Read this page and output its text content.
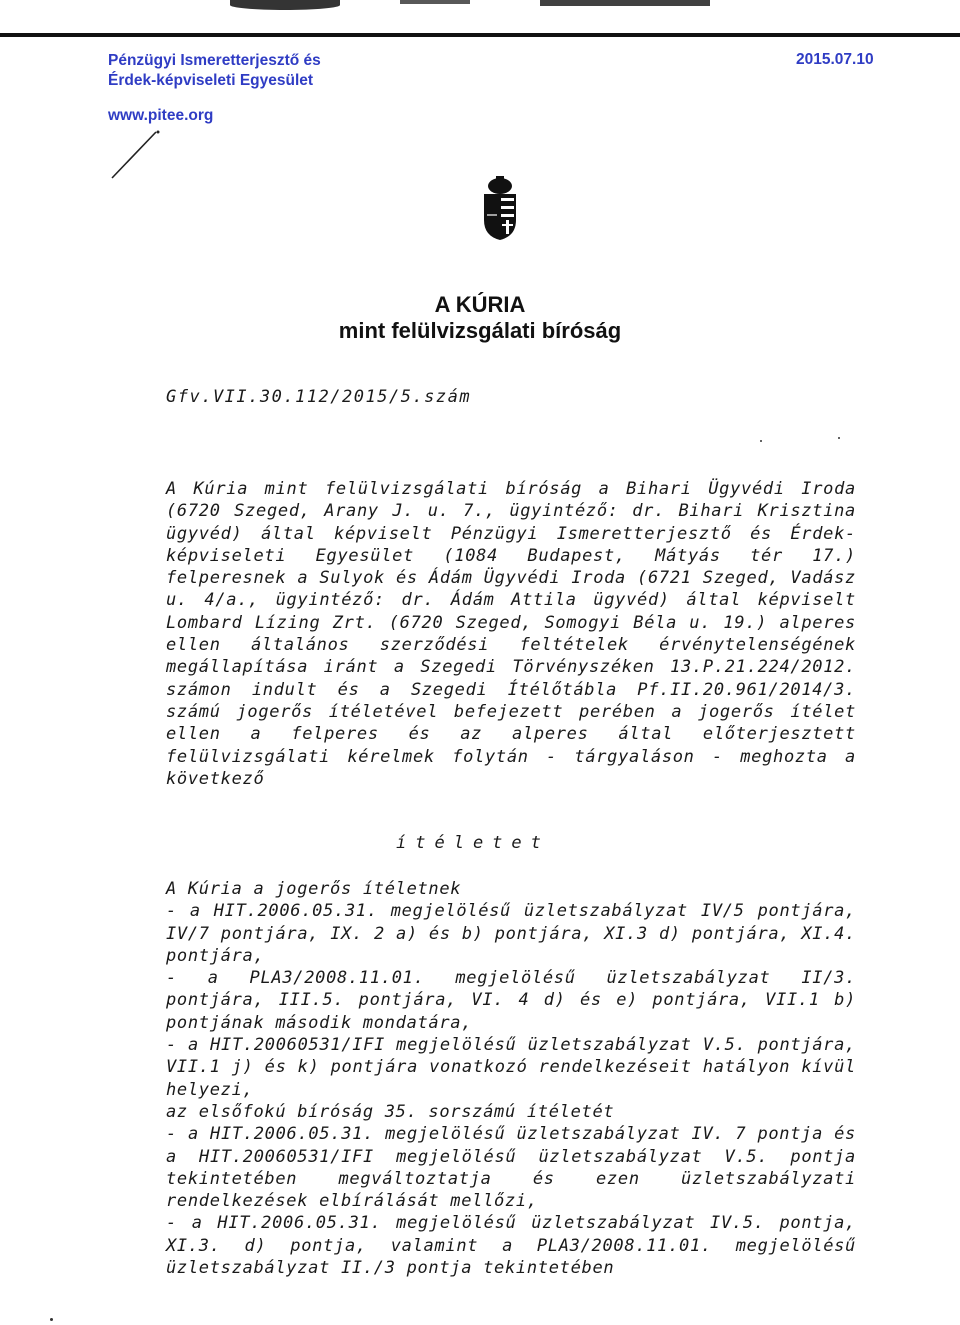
Pénzügyi Ismeretterjesztő és
Érdek-képviseleti Egyesület
2015.07.10
www.pitee.org
A KÚRIA
mint felülvizsgálati bíróság
Gfv.VII.30.112/2015/5.szám

A Kúria mint felülvizsgálati bíróság a Bihari Ügyvédi Iroda (6720 Szeged, Arany J. u. 7., ügyintéző: dr. Bihari Krisztina ügyvéd) által képviselt Pénzügyi Ismeretterjesztő és Érdek-képviseleti Egyesület (1084 Budapest, Mátyás tér 17.) felperesnek a Sulyok és Ádám Ügyvédi Iroda (6721 Szeged, Vadász u. 4/a., ügyintéző: dr. Ádám Attila ügyvéd) által képviselt Lombard Lízing Zrt. (6720 Szeged, Somogyi Béla u. 19.) alperes ellen általános szerződési feltételek érvénytelenségének megállapítása iránt a Szegedi Törvényszéken 13.P.21.224/2012. számon indult és a Szegedi Ítélőtábla Pf.II.20.961/2014/3. számú jogerős ítéletével befejezett perében a jogerős ítélet ellen a felperes és az alperes által előterjesztett felülvizsgálati kérelmek folytán - tárgyaláson - meghozta a következő

ítéletet

A Kúria a jogerős ítéletnek

- a HIT.2006.05.31. megjelölésű üzletszabályzat IV/5 pontjára, IV/7 pontjára, IX. 2 a) és b) pontjára, XI.3 d) pontjára, XI.4. pontjára,

- a PLA3/2008.11.01. megjelölésű üzletszabályzat II/3. pontjára, III.5. pontjára, VI. 4 d) és e) pontjára, VII.1 b) pontjának második mondatára,

- a HIT.20060531/IFI megjelölésű üzletszabályzat V.5. pontjára, VII.1 j) és k) pontjára vonatkozó rendelkezéseit hatályon kívül helyezi,

az elsőfokú bíróság 35. sorszámú ítéletét

- a HIT.2006.05.31. megjelölésű üzletszabályzat IV. 7 pontja és a HIT.20060531/IFI megjelölésű üzletszabályzat V.5. pontja tekintetében megváltoztatja és ezen üzletszabályzati rendelkezések elbírálását mellőzi,

- a HIT.2006.05.31. megjelölésű üzletszabályzat IV.5. pontja, XI.3. d) pontja, valamint a PLA3/2008.11.01. megjelölésű üzletszabályzat II./3 pontja tekintetében
